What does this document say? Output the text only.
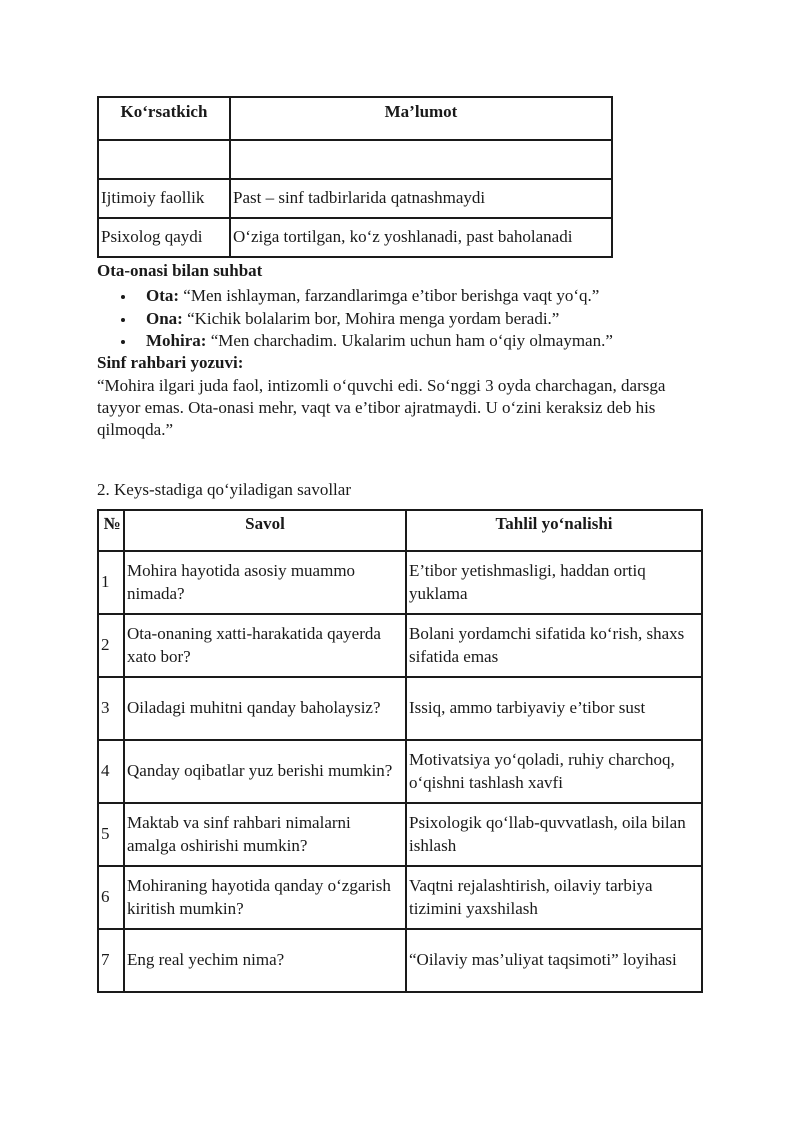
Ko‘rsatkich	Ma’lumot

Ijtimoiy faollik	Past – sinf tadbirlarida qatnashmaydi
Psixolog qaydi	O‘ziga tortilgan, ko‘z yoshlanadi, past baholanadi

Ota-onasi bilan suhbat

Ota: “Men ishlayman, farzandlarimga e’tibor berishga vaqt yo‘q.”
Ona: “Kichik bolalarim bor, Mohira menga yordam beradi.”
Mohira: “Men charchadim. Ukalarim uchun ham o‘qiy olmayman.”

Sinf rahbari yozuvi:

“Mohira ilgari juda faol, intizomli o‘quvchi edi. So‘nggi 3 oyda charchagan, darsga tayyor emas. Ota-onasi mehr, vaqt va e’tibor ajratmaydi. U o‘zini keraksiz deb his qilmoqda.”

2. Keys-stadiga qo‘yiladigan savollar

№	Savol	Tahlil yo‘nalishi
1	Mohira hayotida asosiy muammo nimada?	E’tibor yetishmasligi, haddan ortiq yuklama
2	Ota-onaning xatti-harakatida qayerda xato bor?	Bolani yordamchi sifatida ko‘rish, shaxs sifatida emas
3	Oiladagi muhitni qanday baholaysiz?	Issiq, ammo tarbiyaviy e’tibor sust
4	Qanday oqibatlar yuz berishi mumkin?	Motivatsiya yo‘qoladi, ruhiy charchoq, o‘qishni tashlash xavfi
5	Maktab va sinf rahbari nimalarni amalga oshirishi mumkin?	Psixologik qo‘llab-quvvatlash, oila bilan ishlash
6	Mohiraning hayotida qanday o‘zgarish kiritish mumkin?	Vaqtni rejalashtirish, oilaviy tarbiya tizimini yaxshilash
7	Eng real yechim nima?	“Oilaviy mas’uliyat taqsimoti” loyihasi
